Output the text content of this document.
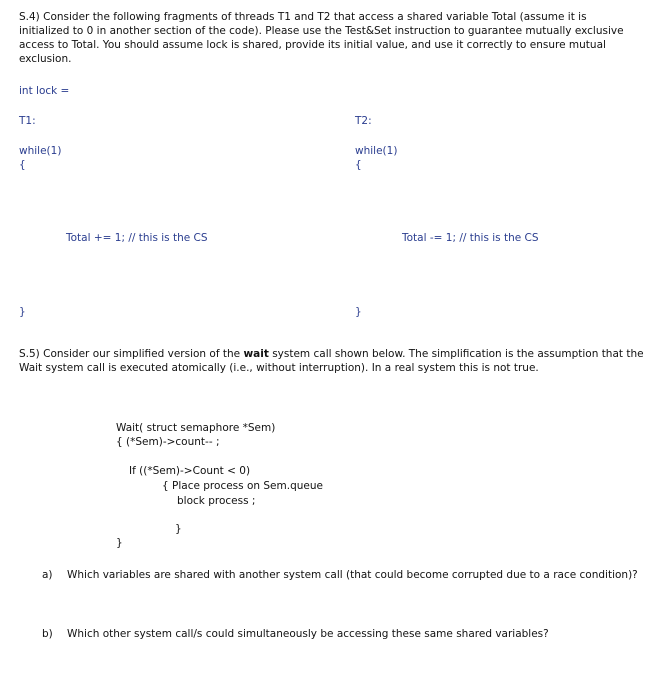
S.4) Consider the following fragments of threads T1 and T2 that access a shared variable Total (assume it is
initialized to 0 in another section of the code). Please use the Test&Set instruction to guarantee mutually exclusive
access to Total. You should assume lock is shared, provide its initial value, and use it correctly to ensure mutual
exclusion.
int lock =
T1:
while(1)
{
Total += 1; // this is the CS
}
T2:
while(1)
{
Total -= 1; // this is the CS
}
S.5) Consider our simplified version of the wait system call shown below. The simplification is the assumption that the
Wait system call is executed atomically (i.e., without interruption). In a real system this is not true.
Wait( struct semaphore *Sem)
{ (*Sem)->count-- ;
If ((*Sem)->Count < 0)
{ Place process on Sem.queue
block process ;
}
}
a) Which variables are shared with another system call (that could become corrupted due to a race condition)?
b) Which other system call/s could simultaneously be accessing these same shared variables?
